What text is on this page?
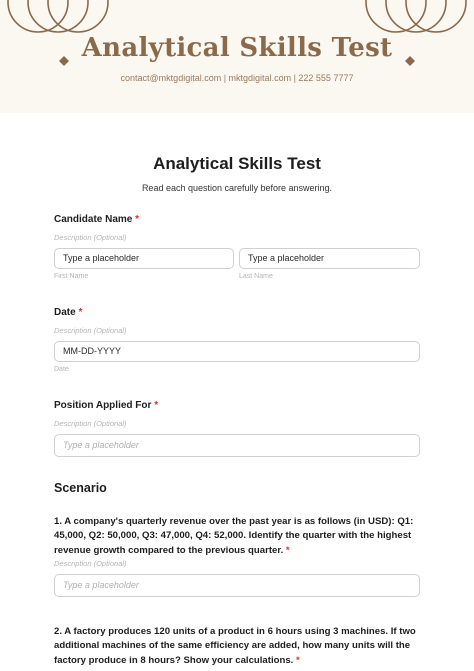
Analytical Skills Test
contact@mktgdigital.com | mktgdigital.com | 222 555 7777
Analytical Skills Test
Read each question carefully before answering.
Candidate Name *
Description (Optional)
Type a placeholder	Type a placeholder
First Name	Last Name
Date *
Description (Optional)
MM-DD-YYYY
Date
Position Applied For *
Description (Optional)
Type a placeholder
Scenario
1. A company's quarterly revenue over the past year is as follows (in USD): Q1: 45,000, Q2: 50,000, Q3: 47,000, Q4: 52,000. Identify the quarter with the highest revenue growth compared to the previous quarter. *
Description (Optional)
Type a placeholder
2. A factory produces 120 units of a product in 6 hours using 3 machines. If two additional machines of the same efficiency are added, how many units will the factory produce in 8 hours? Show your calculations. *
